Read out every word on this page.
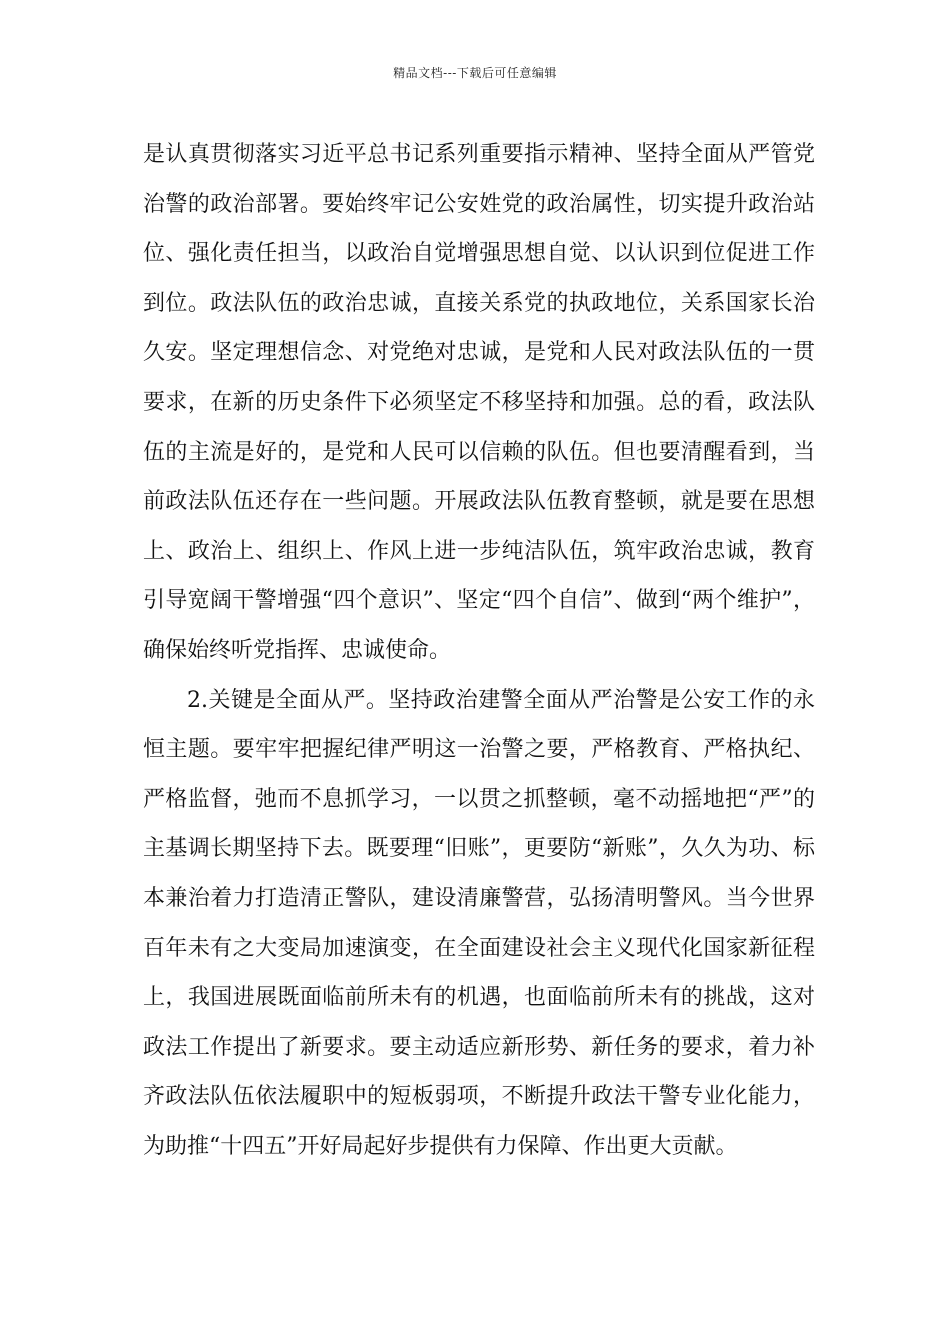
精品文档---下载后可任意编辑

是认真贯彻落实习近平总书记系列重要指示精神、坚持全面从严管党治警的政治部署。要始终牢记公安姓党的政治属性，切实提升政治站位、强化责任担当，以政治自觉增强思想自觉、以认识到位促进工作到位。政法队伍的政治忠诚，直接关系党的执政地位，关系国家长治久安。坚定理想信念、对党绝对忠诚，是党和人民对政法队伍的一贯要求，在新的历史条件下必须坚定不移坚持和加强。总的看，政法队伍的主流是好的，是党和人民可以信赖的队伍。但也要清醒看到，当前政法队伍还存在一些问题。开展政法队伍教育整顿，就是要在思想上、政治上、组织上、作风上进一步纯洁队伍，筑牢政治忠诚，教育引导宽阔干警增强“四个意识”、坚定“四个自信”、做到“两个维护”，确保始终听党指挥、忠诚使命。

2.关键是全面从严。坚持政治建警全面从严治警是公安工作的永恒主题。要牢牢把握纪律严明这一治警之要，严格教育、严格执纪、严格监督，弛而不息抓学习，一以贯之抓整顿，毫不动摇地把“严”的主基调长期坚持下去。既要理“旧账”，更要防“新账”，久久为功、标本兼治着力打造清正警队，建设清廉警营，弘扬清明警风。当今世界百年未有之大变局加速演变，在全面建设社会主义现代化国家新征程上，我国进展既面临前所未有的机遇，也面临前所未有的挑战，这对政法工作提出了新要求。要主动适应新形势、新任务的要求，着力补齐政法队伍依法履职中的短板弱项，不断提升政法干警专业化能力，为助推“十四五”开好局起好步提供有力保障、作出更大贡献。
